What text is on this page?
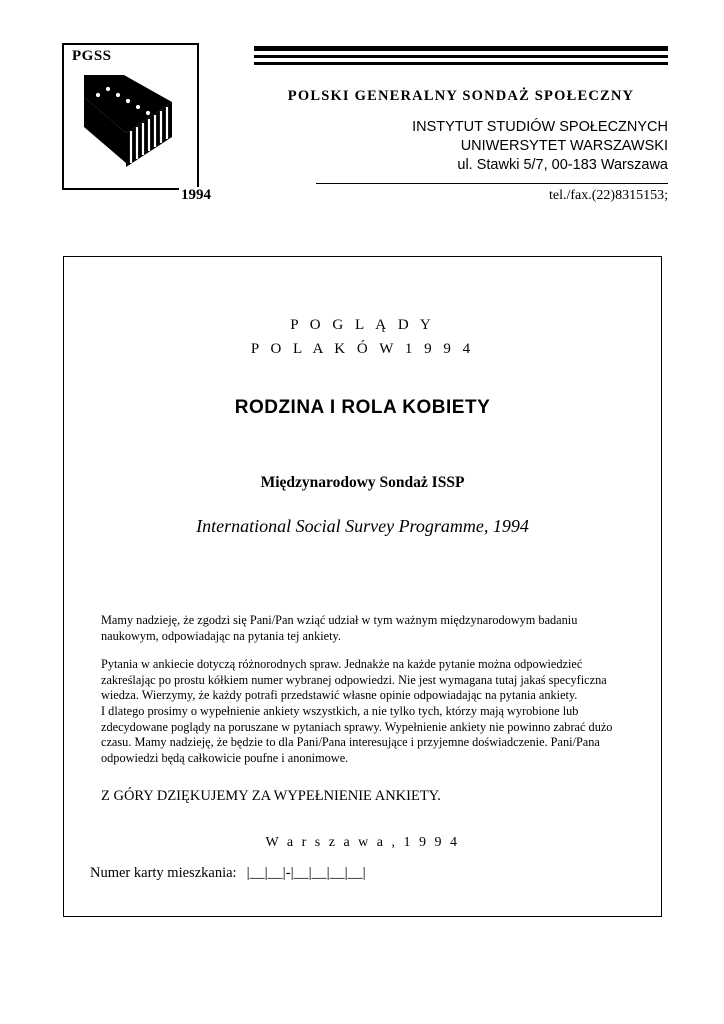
PGSS
1994
POLSKI GENERALNY SONDAŻ SPOŁECZNY
INSTYTUT STUDIÓW SPOŁECZNYCH
UNIWERSYTET WARSZAWSKI
ul. Stawki 5/7, 00-183 Warszawa
tel./fax.(22)8315153;
P O G L Ą D Y
P O L A K Ó W 1 9 9 4
RODZINA I ROLA KOBIETY
Międzynarodowy Sondaż ISSP
International Social Survey Programme, 1994

Mamy nadzieję, że zgodzi się Pani/Pan wziąć udział w tym ważnym międzynarodowym badaniu naukowym, odpowiadając na pytania tej ankiety.

Pytania w ankiecie dotyczą różnorodnych spraw. Jednakże na każde pytanie można odpowiedzieć zakreślając po prostu kółkiem numer wybranej odpowiedzi. Nie jest wymagana tutaj jakaś specyficzna wiedza. Wierzymy, że każdy potrafi przedstawić własne opinie odpowiadając na pytania ankiety.

I dlatego prosimy o wypełnienie ankiety wszystkich, a nie tylko tych, którzy mają wyrobione lub zdecydowane poglądy na poruszane w pytaniach sprawy. Wypełnienie ankiety nie powinno zabrać dużo czasu. Mamy nadzieję, że będzie to dla Pani/Pana interesujące i przyjemne doświadczenie. Pani/Pana odpowiedzi będą całkowicie poufne i anonimowe.

Z GÓRY DZIĘKUJEMY ZA WYPEŁNIENIE ANKIETY.
W a r s z a w a , 1 9 9 4
Numer karty mieszkania: |__|__|-|__|__|__|__|
